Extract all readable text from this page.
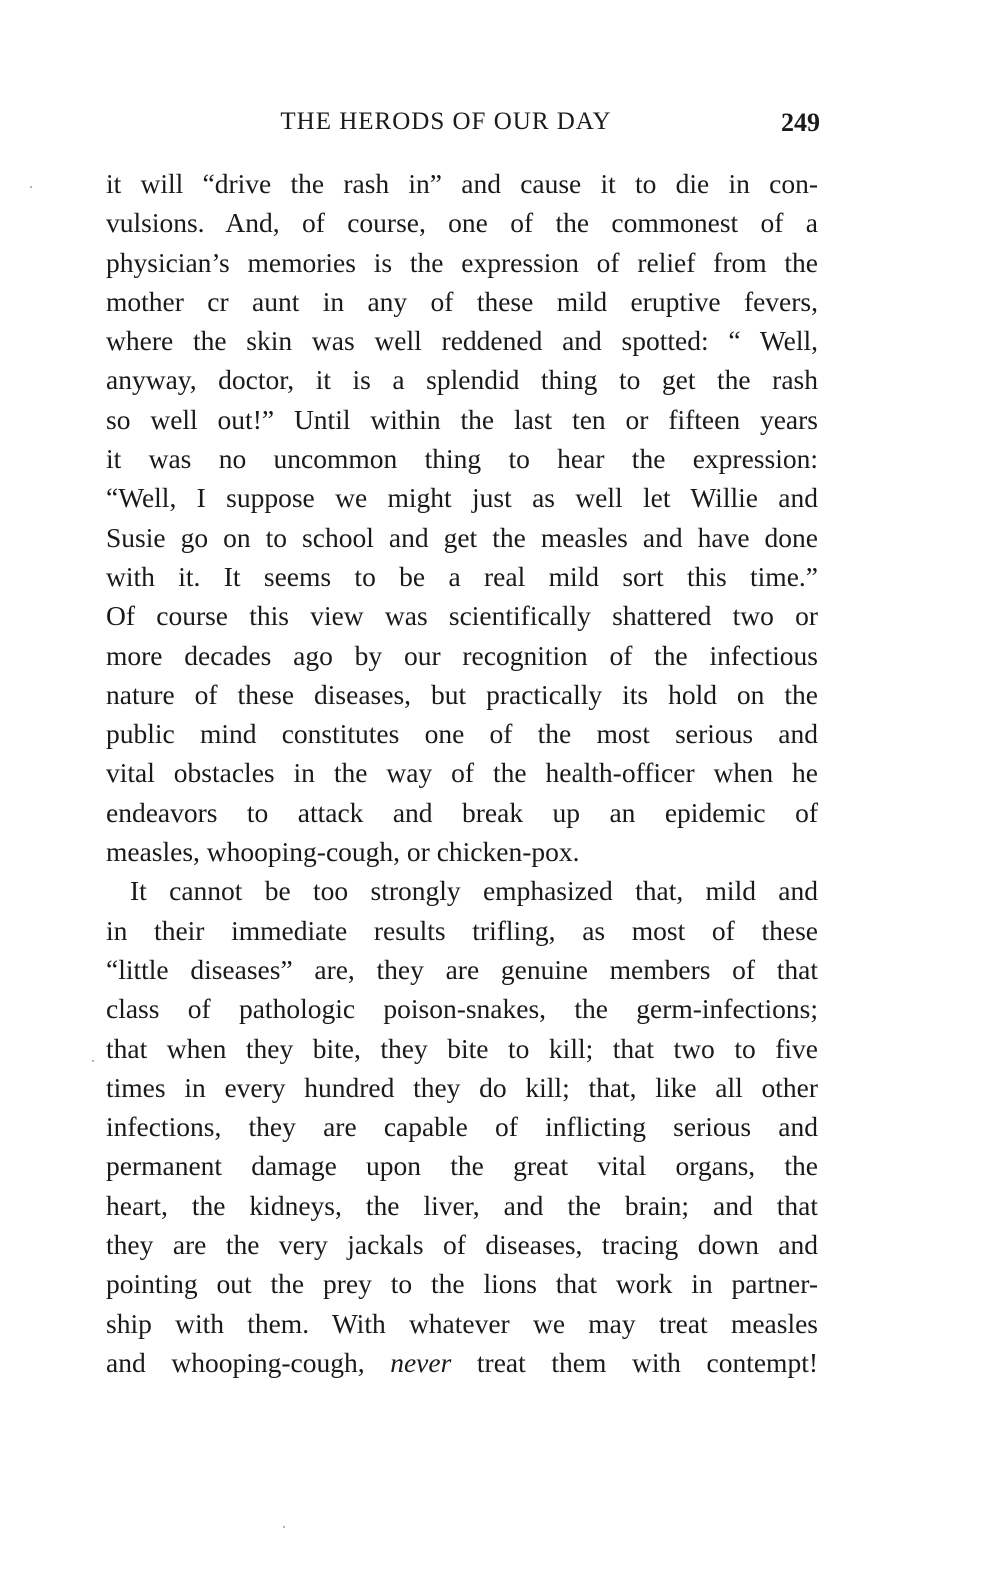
THE HERODS OF OUR DAY	249
it will “drive the rash in” and cause it to die in con-
vulsions. And, of course, one of the commonest of a
physician’s memories is the expression of relief from the
mother cr aunt in any of these mild eruptive fevers,
where the skin was well reddened and spotted: “ Well,
anyway, doctor, it is a splendid thing to get the rash
so well out!” Until within the last ten or fifteen years
it was no uncommon thing to hear the expression:
“Well, I suppose we might just as well let Willie and
Susie go on to school and get the measles and have done
with it. It seems to be a real mild sort this time.”
Of course this view was scientifically shattered two or
more decades ago by our recognition of the infectious
nature of these diseases, but practically its hold on the
public mind constitutes one of the most serious and
vital obstacles in the way of the health-officer when he
endeavors to attack and break up an epidemic of
measles, whooping-cough, or chicken-pox.
It cannot be too strongly emphasized that, mild and
in their immediate results trifling, as most of these
“little diseases” are, they are genuine members of that
class of pathologic poison-snakes, the germ-infections;
that when they bite, they bite to kill; that two to five
times in every hundred they do kill; that, like all other
infections, they are capable of inflicting serious and
permanent damage upon the great vital organs, the
heart, the kidneys, the liver, and the brain; and that
they are the very jackals of diseases, tracing down and
pointing out the prey to the lions that work in partner-
ship with them. With whatever we may treat measles
and whooping-cough, never treat them with contempt!
